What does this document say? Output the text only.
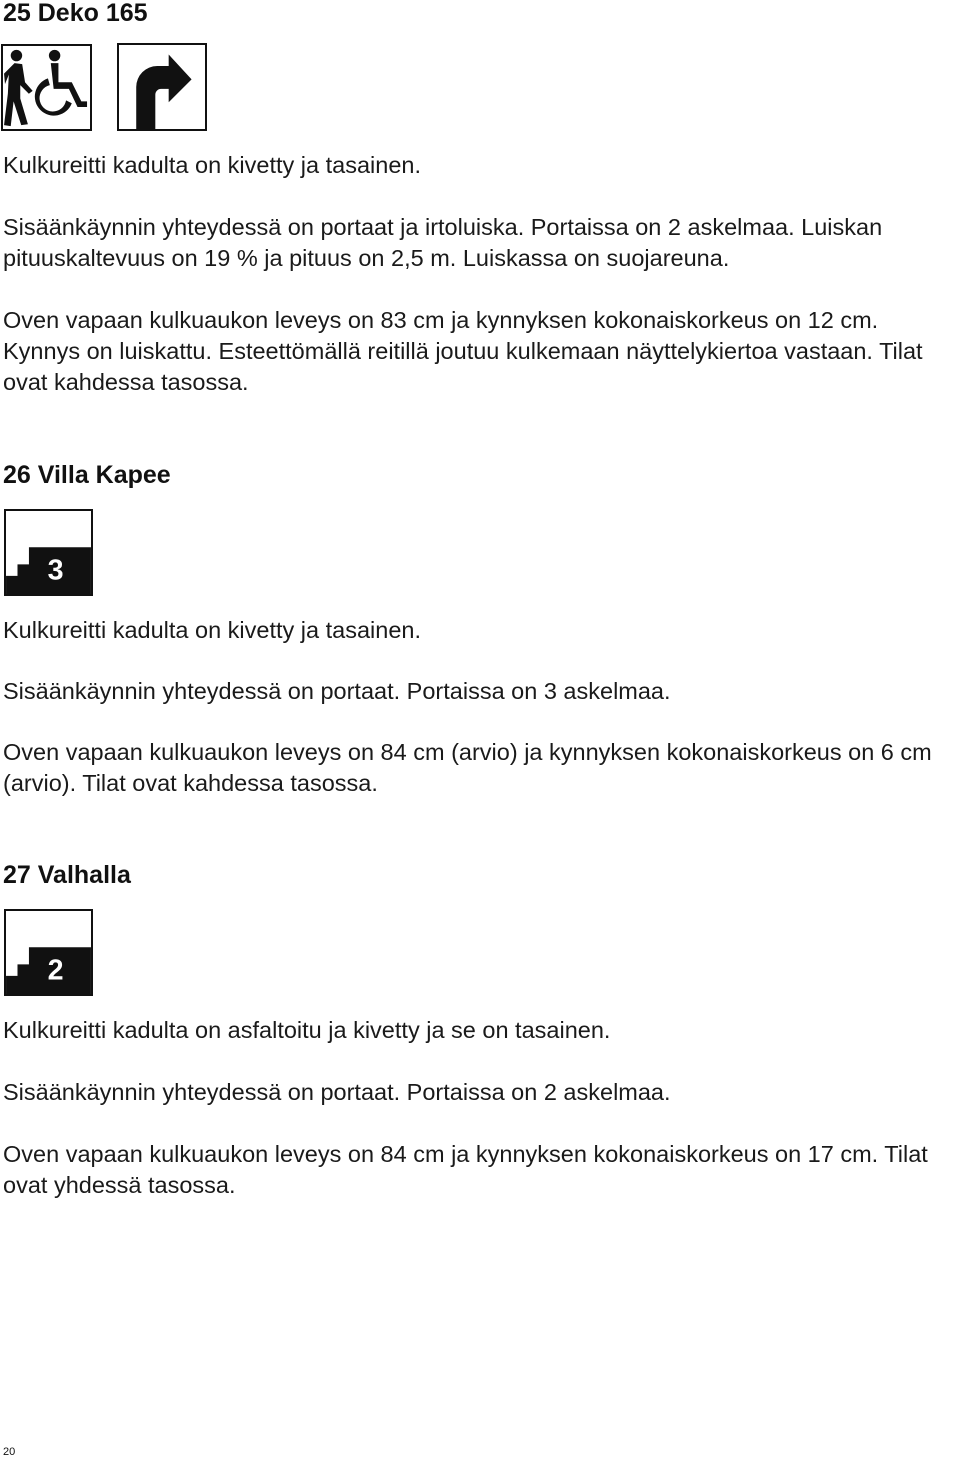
25 Deko 165

Kulkureitti kadulta on kivetty ja tasainen.

Sisäänkäynnin yhteydessä on portaat ja irtoluiska. Portaissa on 2 askelmaa. Luiskan pituuskaltevuus on 19 % ja pituus on 2,5 m. Luiskassa on suojareuna.

Oven vapaan kulkuaukon leveys on 83 cm ja kynnyksen kokonaiskorkeus on 12 cm. Kynnys on luiskattu. Esteettömällä reitillä joutuu kulkemaan näyttelykiertoa vastaan. Tilat ovat kahdessa tasossa.

26 Villa Kapee
3

Kulkureitti kadulta on kivetty ja tasainen.

Sisäänkäynnin yhteydessä on portaat. Portaissa on 3 askelmaa.

Oven vapaan kulkuaukon leveys on 84 cm (arvio) ja kynnyksen kokonaiskorkeus on 6 cm (arvio). Tilat ovat kahdessa tasossa.

27 Valhalla
2

Kulkureitti kadulta on asfaltoitu ja kivetty ja se on tasainen.

Sisäänkäynnin yhteydessä on portaat. Portaissa on 2 askelmaa.

Oven vapaan kulkuaukon leveys on 84 cm ja kynnyksen kokonaiskorkeus on 17 cm. Tilat ovat yhdessä tasossa.

20
